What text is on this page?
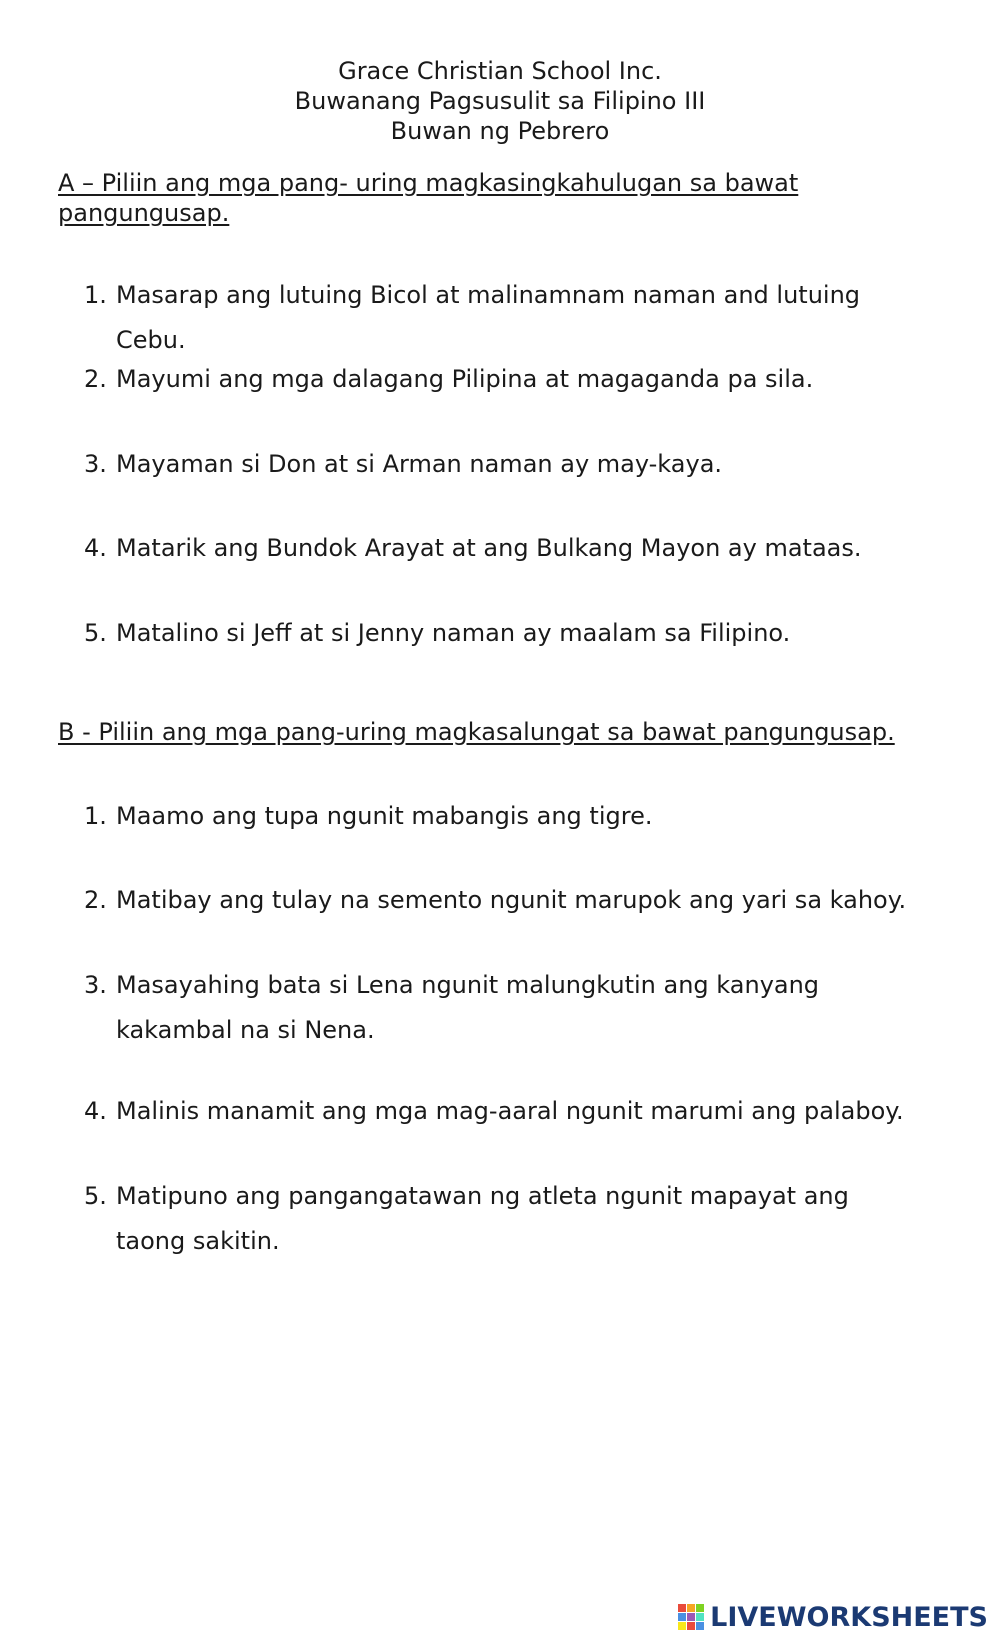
Grace Christian School Inc.
Buwanang Pagsusulit sa Filipino III
Buwan ng Pebrero
A – Piliin ang mga pang- uring magkasingkahulugan sa bawat pangungusap.
1. Masarap ang lutuing Bicol at malinamnam naman and lutuing Cebu.
2. Mayumi ang mga dalagang Pilipina at magaganda pa sila.
3. Mayaman si Don at si Arman naman ay may-kaya.
4. Matarik ang Bundok Arayat at ang Bulkang Mayon ay mataas.
5. Matalino si Jeff at si Jenny naman ay maalam sa Filipino.
B - Piliin ang mga pang-uring magkasalungat sa bawat pangungusap.
1. Maamo ang tupa ngunit mabangis ang tigre.
2. Matibay ang tulay na semento ngunit marupok ang yari sa kahoy.
3. Masayahing bata si Lena ngunit malungkutin ang kanyang kakambal na si Nena.
4. Malinis manamit ang mga mag-aaral ngunit marumi ang palaboy.
5. Matipuno ang pangangatawan ng atleta ngunit mapayat ang taong sakitin.
LIVEWORKSHEETS
